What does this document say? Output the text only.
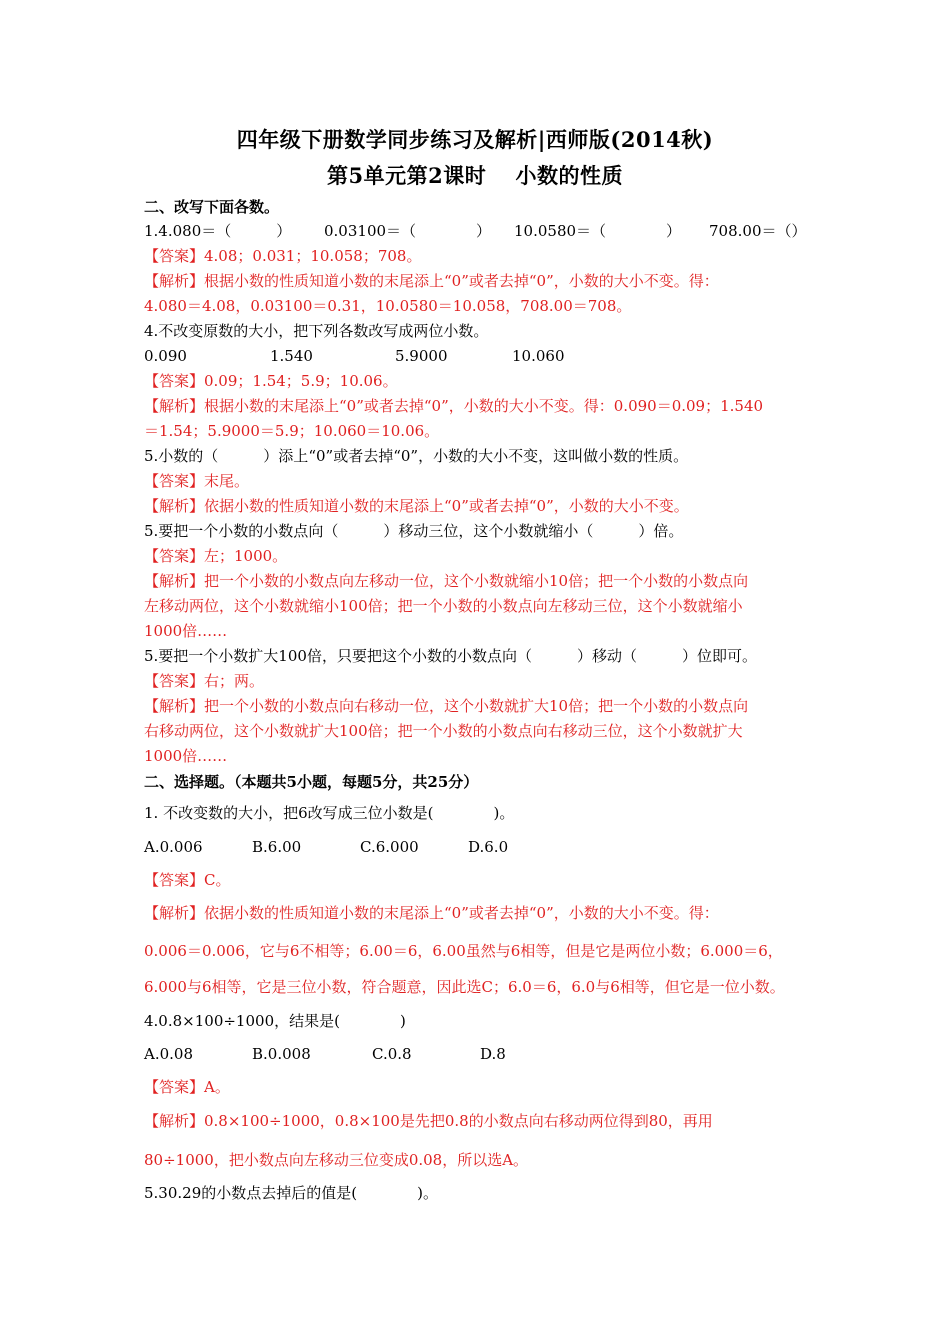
四年级下册数学同步练习及解析|西师版(2014秋)
第5单元第2课时　 小数的性质
二、改写下面各数。
1.4.080＝（　　　） 0.03100＝（　　　　） 10.0580＝（　　　　） 708.00＝（）
【答案】4.08；0.031；10.058；708。
【解析】根据小数的性质知道小数的末尾添上“0”或者去掉“0”，小数的大小不变。得：
4.080＝4.08，0.03100＝0.31，10.0580＝10.058，708.00＝708。
4.不改变原数的大小，把下列各数改写成两位小数。
0.090	1.540	5.9000	10.060
【答案】0.09；1.54；5.9；10.06。
【解析】根据小数的末尾添上“0”或者去掉“0”，小数的大小不变。得：0.090＝0.09；1.540
＝1.54；5.9000＝5.9；10.060＝10.06。
5.小数的（　　　）添上“0”或者去掉“0”，小数的大小不变，这叫做小数的性质。
【答案】末尾。
【解析】依据小数的性质知道小数的末尾添上“0”或者去掉“0”，小数的大小不变。
5.要把一个小数的小数点向（　　　）移动三位，这个小数就缩小（　　　）倍。
【答案】左；1000。
【解析】把一个小数的小数点向左移动一位，这个小数就缩小10倍；把一个小数的小数点向
左移动两位，这个小数就缩小100倍；把一个小数的小数点向左移动三位，这个小数就缩小
1000倍……
5.要把一个小数扩大100倍，只要把这个小数的小数点向（　　　）移动（　　　）位即可。
【答案】右；两。
【解析】把一个小数的小数点向右移动一位，这个小数就扩大10倍；把一个小数的小数点向
右移动两位，这个小数就扩大100倍；把一个小数的小数点向右移动三位，这个小数就扩大
1000倍……
二、选择题。（本题共5小题，每题5分，共25分）
1. 不改变数的大小，把6改写成三位小数是(　　　　)。
A.0.006	B.6.00	C.6.000	D.6.0
【答案】C。
【解析】依据小数的性质知道小数的末尾添上“0”或者去掉“0”，小数的大小不变。得：
0.006＝0.006，它与6不相等；6.00＝6，6.00虽然与6相等，但是它是两位小数；6.000＝6，
6.000与6相等，它是三位小数，符合题意，因此选C；6.0＝6，6.0与6相等，但它是一位小数。
4.0.8×100÷1000，结果是(　　　　)
A.0.08	B.0.008	C.0.8	D.8
【答案】A。
【解析】0.8×100÷1000，0.8×100是先把0.8的小数点向右移动两位得到80，再用
80÷1000，把小数点向左移动三位变成0.08，所以选A。
5.30.29的小数点去掉后的值是(　　　　)。
